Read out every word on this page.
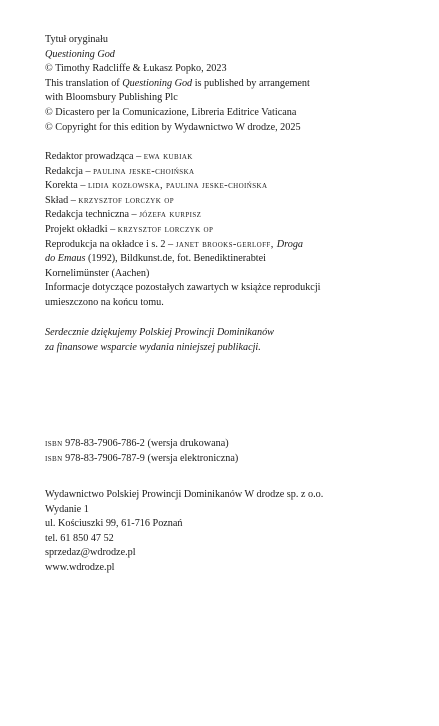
Tytuł oryginału
Questioning God
© Timothy Radcliffe & Łukasz Popko, 2023
This translation of Questioning God is published by arrangement
with Bloomsbury Publishing Plc
© Dicastero per la Comunicazione, Libreria Editrice Vaticana
© Copyright for this edition by Wydawnictwo W drodze, 2025
Redaktor prowadząca – ewa kubiak
Redakcja – paulina jeske-choińska
Korekta – lidia kozłowska, paulina jeske-choińska
Skład – krzysztof lorczyk op
Redakcja techniczna – józefa kurpisz
Projekt okładki – krzysztof lorczyk op
Reprodukcja na okładce i s. 2 – janet brooks-gerloff, Droga
do Emaus (1992), Bildkunst.de, fot. Benediktinerabtei
Kornelimünster (Aachen)
Informacje dotyczące pozostałych zawartych w książce reprodukcji
umieszczono na końcu tomu.
Serdecznie dziękujemy Polskiej Prowincji Dominikanów
za finansowe wsparcie wydania niniejszej publikacji.
isbn 978-83-7906-786-2 (wersja drukowana)
isbn 978-83-7906-787-9 (wersja elektroniczna)
Wydawnictwo Polskiej Prowincji Dominikanów W drodze sp. z o.o.
Wydanie 1
ul. Kościuszki 99, 61-716 Poznań
tel. 61 850 47 52
sprzedaz@wdrodze.pl
www.wdrodze.pl
